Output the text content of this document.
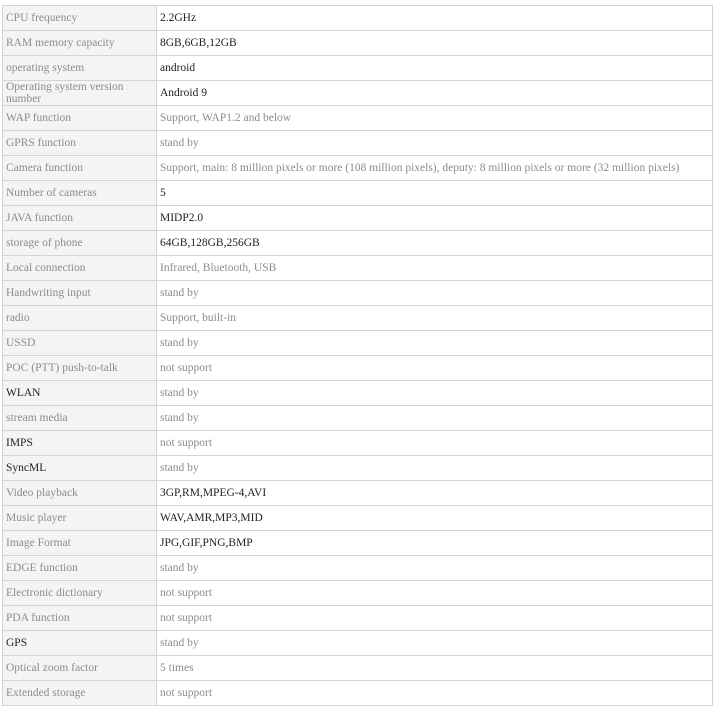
CPU frequency	2.2GHz
RAM memory capacity	8GB,6GB,12GB
operating system	android
Operating system version number	Android 9
WAP function	Support, WAP1.2 and below
GPRS function	stand by
Camera function	Support, main: 8 million pixels or more (108 million pixels), deputy: 8 million pixels or more (32 million pixels)
Number of cameras	5
JAVA function	MIDP2.0
storage of phone	64GB,128GB,256GB
Local connection	Infrared, Bluetooth, USB
Handwriting input	stand by
radio	Support, built-in
USSD	stand by
POC (PTT) push-to-talk	not support
WLAN	stand by
stream media	stand by
IMPS	not support
SyncML	stand by
Video playback	3GP,RM,MPEG-4,AVI
Music player	WAV,AMR,MP3,MID
Image Format	JPG,GIF,PNG,BMP
EDGE function	stand by
Electronic dictionary	not support
PDA function	not support
GPS	stand by
Optical zoom factor	5 times
Extended storage	not support
